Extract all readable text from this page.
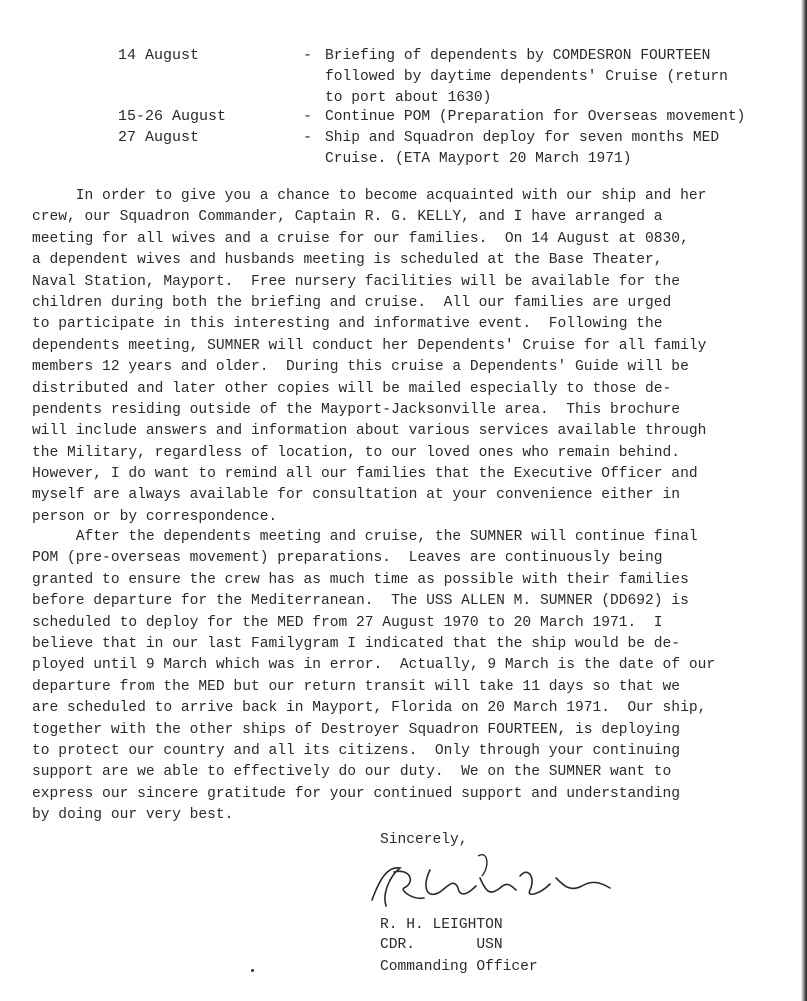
14 August	- Briefing of dependents by COMDESRON FOURTEEN
followed by daytime dependents' Cruise (return
to port about 1630)
15-26 August	- Continue POM (Preparation for Overseas movement)
27 August	- Ship and Squadron deploy for seven months MED
Cruise. (ETA Mayport 20 March 1971)
In order to give you a chance to become acquainted with our ship and her
crew, our Squadron Commander, Captain R. G. KELLY, and I have arranged a
meeting for all wives and a cruise for our families.  On 14 August at 0830,
a dependent wives and husbands meeting is scheduled at the Base Theater,
Naval Station, Mayport.  Free nursery facilities will be available for the
children during both the briefing and cruise.  All our families are urged
to participate in this interesting and informative event.  Following the
dependents meeting, SUMNER will conduct her Dependents' Cruise for all family
members 12 years and older.  During this cruise a Dependents' Guide will be
distributed and later other copies will be mailed especially to those de-
pendents residing outside of the Mayport-Jacksonville area.  This brochure
will include answers and information about various services available through
the Military, regardless of location, to our loved ones who remain behind.
However, I do want to remind all our families that the Executive Officer and
myself are always available for consultation at your convenience either in
person or by correspondence.
After the dependents meeting and cruise, the SUMNER will continue final
POM (pre-overseas movement) preparations.  Leaves are continuously being
granted to ensure the crew has as much time as possible with their families
before departure for the Mediterranean.  The USS ALLEN M. SUMNER (DD692) is
scheduled to deploy for the MED from 27 August 1970 to 20 March 1971.  I
believe that in our last Familygram I indicated that the ship would be de-
ployed until 9 March which was in error.  Actually, 9 March is the date of our
departure from the MED but our return transit will take 11 days so that we
are scheduled to arrive back in Mayport, Florida on 20 March 1971.  Our ship,
together with the other ships of Destroyer Squadron FOURTEEN, is deploying
to protect our country and all its citizens.  Only through your continuing
support are we able to effectively do our duty.  We on the SUMNER want to
express our sincere gratitude for your continued support and understanding
by doing our very best.
Sincerely,
R. H. LEIGHTON
CDR.       USN
Commanding Officer
